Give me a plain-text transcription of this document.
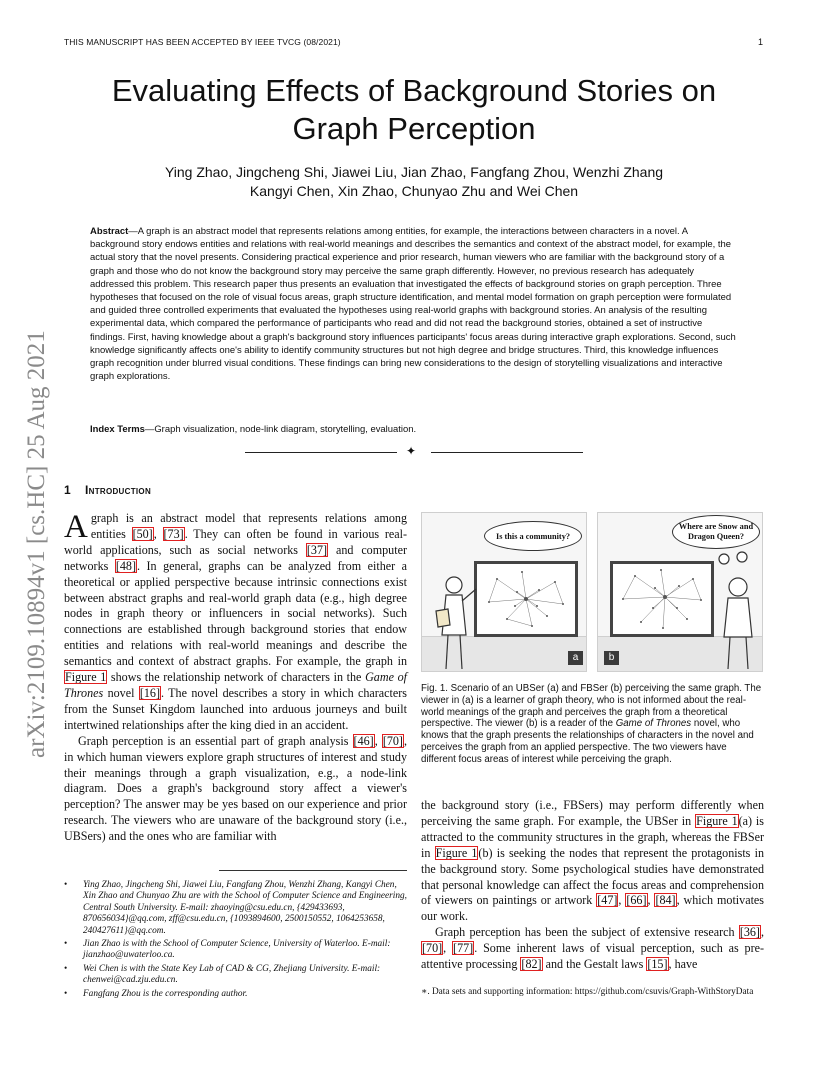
THIS MANUSCRIPT HAS BEEN ACCEPTED BY IEEE TVCG (08/2021)	1
arXiv:2109.10894v1 [cs.HC] 25 Aug 2021
Evaluating Effects of Background Stories on Graph Perception
Ying Zhao, Jingcheng Shi, Jiawei Liu, Jian Zhao, Fangfang Zhou, Wenzhi Zhang
Kangyi Chen, Xin Zhao, Chunyao Zhu and Wei Chen

Abstract—A graph is an abstract model that represents relations among entities, for example, the interactions between characters in a novel. A background story endows entities and relations with real-world meanings and describes the semantics and context of the abstract model, for example, the actual story that the novel presents. Considering practical experience and prior research, human viewers who are familiar with the background story of a graph and those who do not know the background story may perceive the same graph differently. However, no previous research has adequately addressed this problem. This research paper thus presents an evaluation that investigated the effects of background stories on graph perception. Three hypotheses that focused on the role of visual focus areas, graph structure identification, and mental model formation on graph perception were formulated and guided three controlled experiments that evaluated the hypotheses using real-world graphs with background stories. An analysis of the resulting experimental data, which compared the performance of participants who read and did not read the background stories, obtained a set of instructive findings. First, having knowledge about a graph's background story influences participants' focus areas during interactive graph explorations. Second, such knowledge significantly affects one's ability to identify community structures but not high degree and bridge structures. Third, this knowledge influences graph recognition under blurred visual conditions. These findings can bring new considerations to the design of storytelling visualizations and interactive graph explorations.

Index Terms—Graph visualization, node-link diagram, storytelling, evaluation.

✦
1 Introduction

A graph is an abstract model that represents relations among entities [50], [73]. They can often be found in various real-world applications, such as social networks [37] and computer networks [48]. In general, graphs can be analyzed from either a theoretical or applied perspective because intrinsic connections exist between abstract graphs and real-world graph data (e.g., high degree nodes in graph theory or influencers in social networks). Such connections are established through background stories that endow entities and relations with real-world meanings and describe the semantics and context of abstract graphs. For example, the graph in Figure 1 shows the relationship network of characters in the Game of Thrones novel [16]. The novel describes a story in which characters from the Sunset Kingdom launched into arduous journeys and built intertwined relationships after the king died in an accident.

Graph perception is an essential part of graph analysis [46], [70], in which human viewers explore graph structures of interest and study their meanings through a graph visualization, e.g., a node-link diagram. Does a graph's background story affect a viewer's perception? The answer may be yes based on our experience and prior research. The viewers who are unaware of the background story (i.e., UBSers) and the ones who are familiar with

• Ying Zhao, Jingcheng Shi, Jiawei Liu, Fangfang Zhou, Wenzhi Zhang, Kangyi Chen, Xin Zhao and Chunyao Zhu are with the School of Computer Science and Engineering, Central South University. E-mail: zhaoying@csu.edu.cn, {429433693, 870656034}@qq.com, zff@csu.edu.cn, {1093894600, 2500150552, 1064253658, 240427611}@qq.com.
• Jian Zhao is with the School of Computer Science, University of Waterloo. E-mail: jianzhao@uwaterloo.ca.
• Wei Chen is with the State Key Lab of CAD & CG, Zhejiang University. E-mail: chenwei@cad.zju.edu.cn.
• Fangfang Zhou is the corresponding author.
Is this a community?
a
Where are Snow and Dragon Queen?
b

Fig. 1. Scenario of an UBSer (a) and FBSer (b) perceiving the same graph. The viewer in (a) is a learner of graph theory, who is not informed about the real-world meanings of the graph and perceives the graph from a theoretical perspective. The viewer (b) is a reader of the Game of Thrones novel, who knows that the graph presents the relationships of characters in the novel and perceives the graph from an applied perspective. The two viewers have different focus areas of interest while perceiving the graph.

the background story (i.e., FBSers) may perform differently when perceiving the same graph. For example, the UBSer in Figure 1(a) is attracted to the community structures in the graph, whereas the FBSer in Figure 1(b) is seeking the nodes that represent the protagonists in the background story. Some psychological studies have demonstrated that personal knowledge can affect the focus areas and comprehension of viewers on paintings or artwork [47], [66], [84], which motivates our work.

Graph perception has been the subject of extensive research [36], [70], [77]. Some inherent laws of visual perception, such as pre-attentive processing [82] and the Gestalt laws [15], have

∗. Data sets and supporting information: https://github.com/csuvis/Graph-WithStoryData
